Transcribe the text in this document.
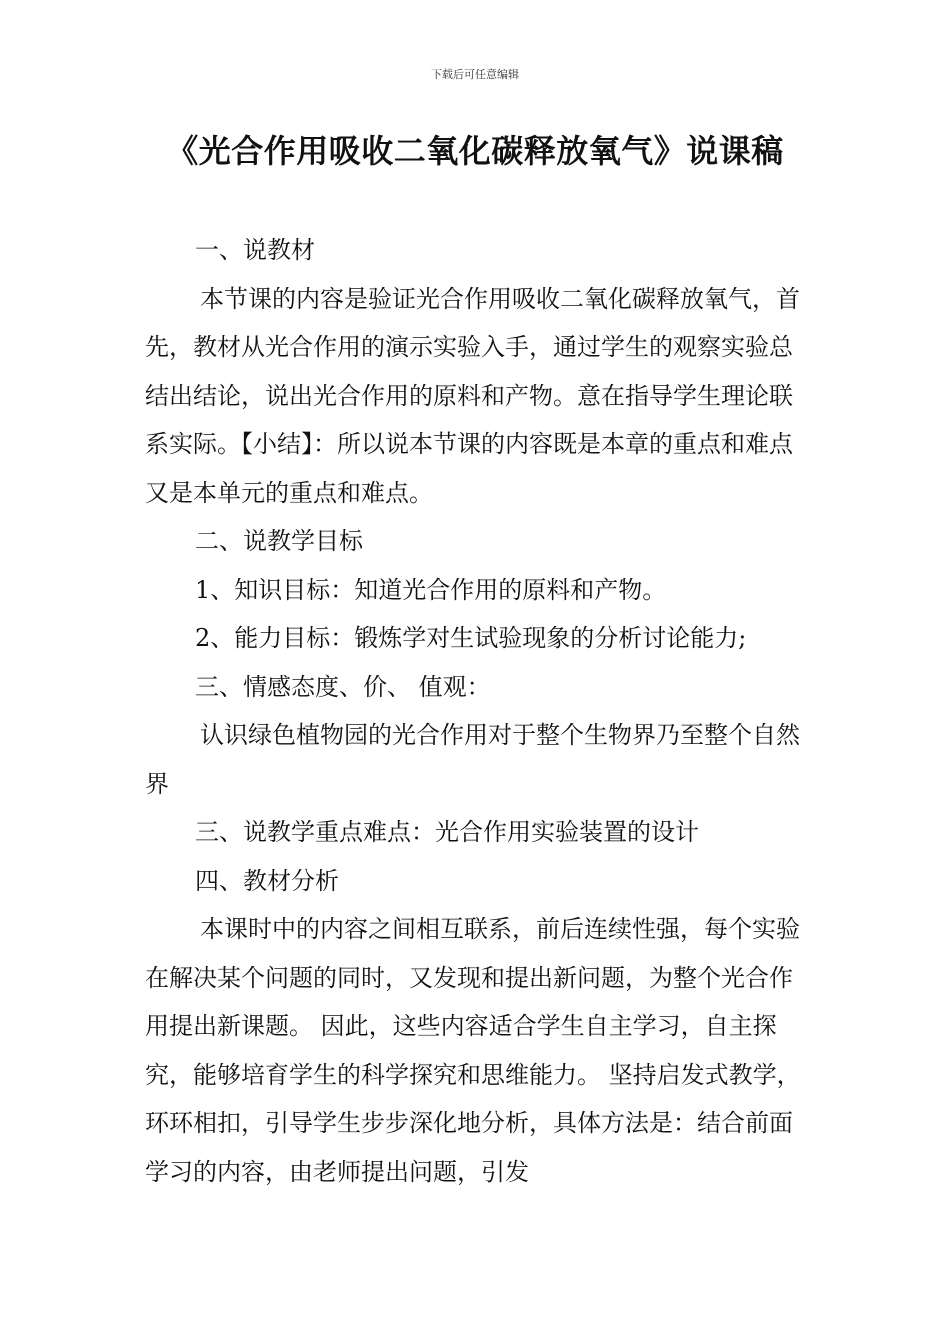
下载后可任意编辑
《光合作用吸收二氧化碳释放氧气》说课稿

一、说教材

本节课的内容是验证光合作用吸收二氧化碳释放氧气，首先，教材从光合作用的演示实验入手，通过学生的观察实验总结出结论，说出光合作用的原料和产物。意在指导学生理论联系实际。【小结】：所以说本节课的内容既是本章的重点和难点又是本单元的重点和难点。

二、说教学目标

1、知识目标：知道光合作用的原料和产物。

2、能力目标：锻炼学对生试验现象的分析讨论能力;

三、情感态度、价、 值观：

认识绿色植物园的光合作用对于整个生物界乃至整个自然界

三、说教学重点难点：光合作用实验装置的设计

四、教材分析

本课时中的内容之间相互联系，前后连续性强，每个实验在解决某个问题的同时，又发现和提出新问题，为整个光合作用提出新课题。 因此，这些内容适合学生自主学习，自主探究，能够培育学生的科学探究和思维能力。 坚持启发式教学，环环相扣，引导学生步步深化地分析，具体方法是：结合前面学习的内容，由老师提出问题，引发
